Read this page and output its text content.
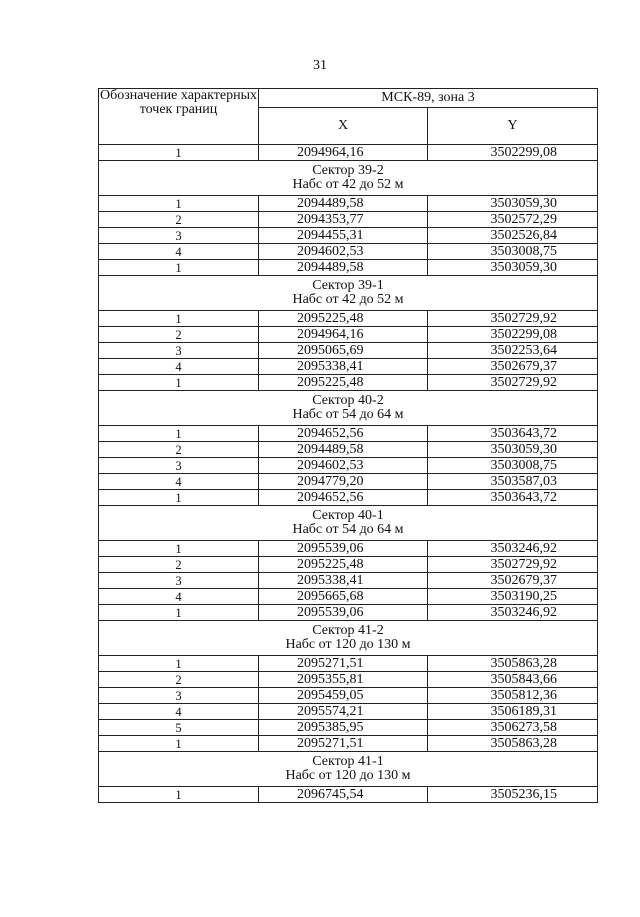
31
Обозначение характерных точек границ	МСК-89, зона 3	
	X	Y
1	2094964,16	3502299,08

Сектор 39-2
Набс от 42 до 52 м		

1	2094489,58	3503059,30
2	2094353,77	3502572,29
3	2094455,31	3502526,84
4	2094602,53	3503008,75
1	2094489,58	3503059,30

Сектор 39-1
Набс от 42 до 52 м		

1	2095225,48	3502729,92
2	2094964,16	3502299,08
3	2095065,69	3502253,64
4	2095338,41	3502679,37
1	2095225,48	3502729,92

Сектор 40-2
Набс от 54 до 64 м		

1	2094652,56	3503643,72
2	2094489,58	3503059,30
3	2094602,53	3503008,75
4	2094779,20	3503587,03
1	2094652,56	3503643,72

Сектор 40-1
Набс от 54 до 64 м		

1	2095539,06	3503246,92
2	2095225,48	3502729,92
3	2095338,41	3502679,37
4	2095665,68	3503190,25
1	2095539,06	3503246,92

Сектор 41-2
Набс от 120 до 130 м		

1	2095271,51	3505863,28
2	2095355,81	3505843,66
3	2095459,05	3505812,36
4	2095574,21	3506189,31
5	2095385,95	3506273,58
1	2095271,51	3505863,28

Сектор 41-1
Набс от 120 до 130 м		

1	2096745,54	3505236,15
